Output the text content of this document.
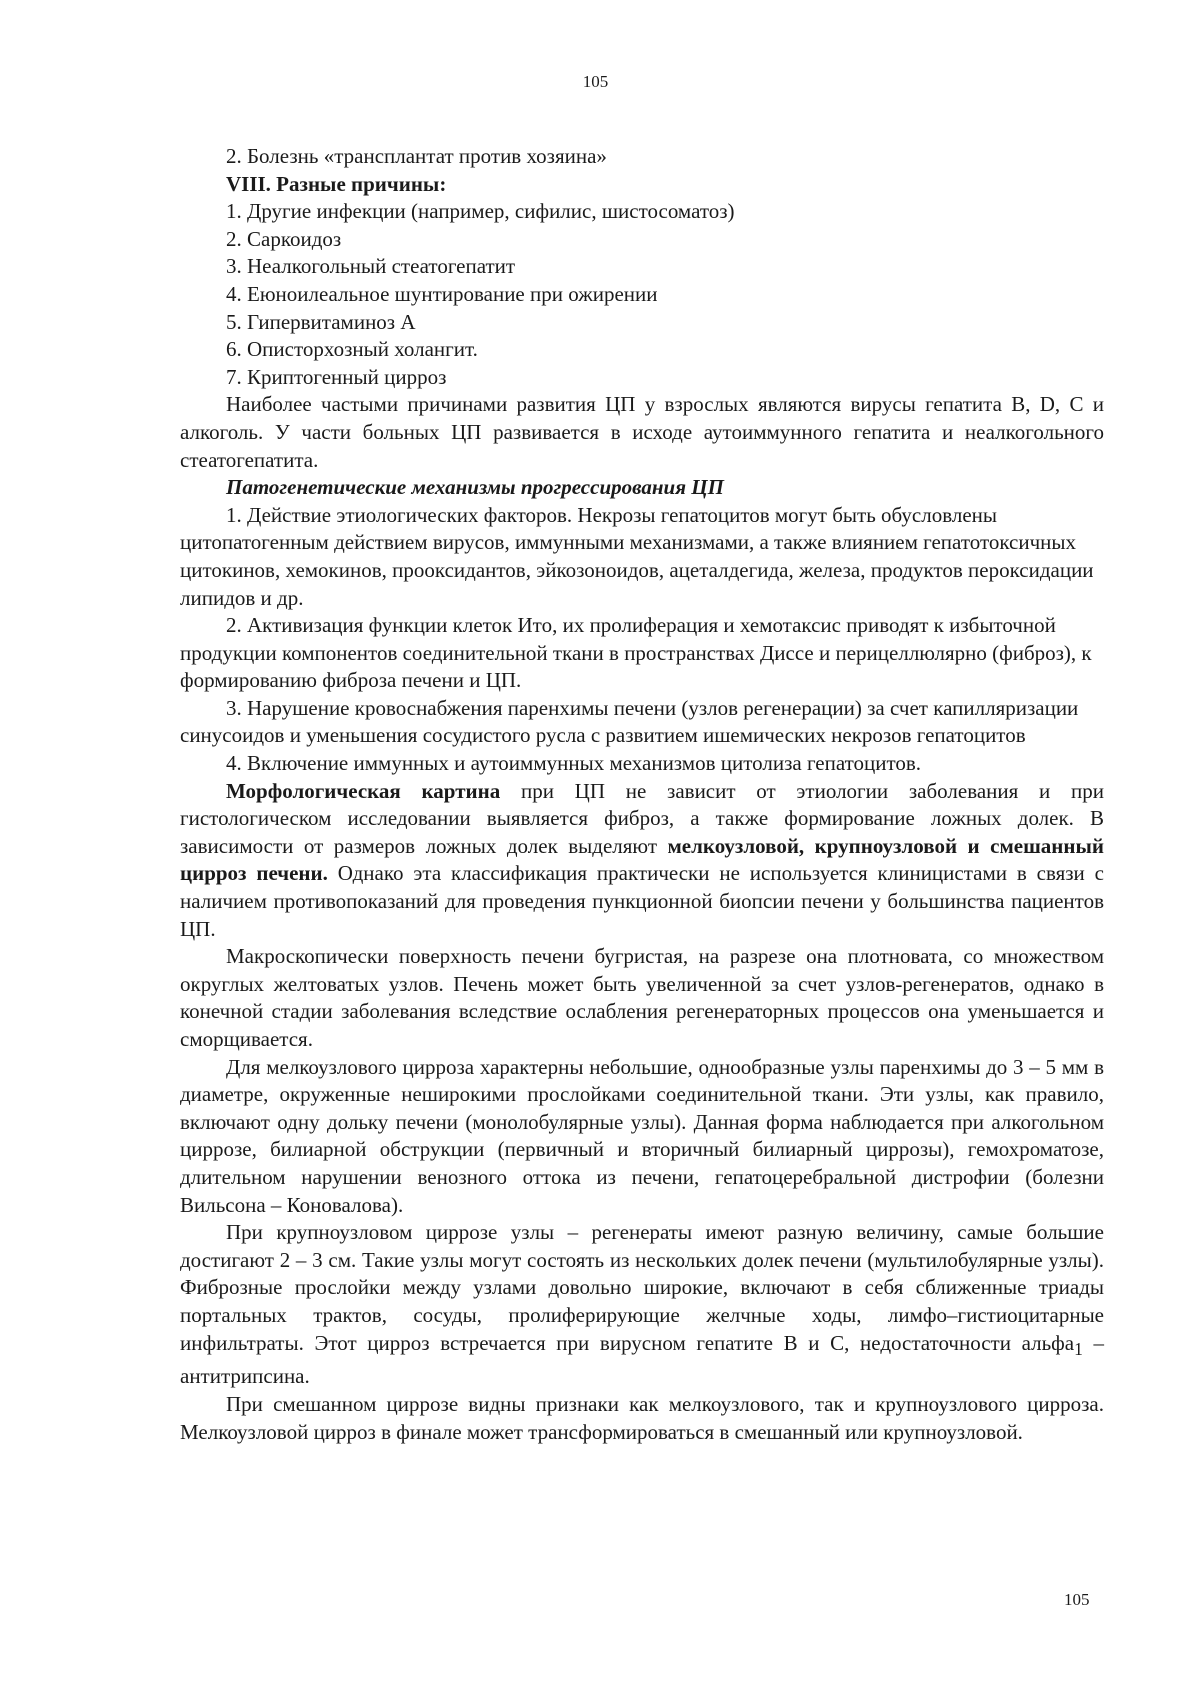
105

2. Болезнь «трансплантат против хозяина»

VIII. Разные причины:

1. Другие инфекции (например, сифилис, шистосоматоз)

2. Саркоидоз

3. Неалкогольный стеатогепатит

4. Еюноилеальное шунтирование при ожирении

5. Гипервитаминоз А

6. Описторхозный холангит.

7. Криптогенный цирроз

Наиболее частыми причинами развития ЦП у взрослых являются вирусы гепатита В, D, С и алкоголь. У части больных ЦП развивается в исходе аутоиммунного гепатита и неалкогольного стеатогепатита.

Патогенетические механизмы прогрессирования ЦП

1. Действие этиологических факторов. Некрозы гепатоцитов могут быть обусловлены цитопатогенным действием вирусов, иммунными механизмами, а также влиянием гепатотоксичных цитокинов, хемокинов, прооксидантов, эйкозоноидов, ацеталдегида, железа, продуктов пероксидации липидов и др.

2. Активизация функции клеток Ито, их пролиферация и хемотаксис приводят к избыточной продукции компонентов соединительной ткани в пространствах Диссе и перицеллюлярно (фиброз), к формированию фиброза печени и ЦП.

3. Нарушение кровоснабжения паренхимы печени (узлов регенерации) за счет капилляризации синусоидов и уменьшения сосудистого русла с развитием ишемических некрозов гепатоцитов

4. Включение иммунных и аутоиммунных механизмов цитолиза гепатоцитов.

Морфологическая картина при ЦП не зависит от этиологии заболевания и при гистологическом исследовании выявляется фиброз, а также формирование ложных долек. В зависимости от размеров ложных долек выделяют мелкоузловой, крупноузловой и смешанный цирроз печени. Однако эта классификация практически не используется клиницистами в связи с наличием противопоказаний для проведения пункционной биопсии печени у большинства пациентов ЦП.

Макроскопически поверхность печени бугристая, на разрезе она плотновата, со множеством округлых желтоватых узлов. Печень может быть увеличенной за счет узлов-регенератов, однако в конечной стадии заболевания вследствие ослабления регенераторных процессов она уменьшается и сморщивается.

Для мелкоузлового цирроза характерны небольшие, однообразные узлы паренхимы до 3 – 5 мм в диаметре, окруженные неширокими прослойками соединительной ткани. Эти узлы, как правило, включают одну дольку печени (монолобулярные узлы). Данная форма наблюдается при алкогольном циррозе, билиарной обструкции (первичный и вторичный билиарный циррозы), гемохроматозе, длительном нарушении венозного оттока из печени, гепатоцеребральной дистрофии (болезни Вильсона – Коновалова).

При крупноузловом циррозе узлы – регенераты имеют разную величину, самые большие достигают 2 – 3 см. Такие узлы могут состоять из нескольких долек печени (мультилобулярные узлы). Фиброзные прослойки между узлами довольно широкие, включают в себя сближенные триады портальных трактов, сосуды, пролиферирующие желчные ходы, лимфо–гистиоцитарные инфильтраты. Этот цирроз встречается при вирусном гепатите В и С, недостаточности альфа$_1$ – антитрипсина.

При смешанном циррозе видны признаки как мелкоузлового, так и крупноузлового цирроза. Мелкоузловой цирроз в финале может трансформироваться в смешанный или крупноузловой.

105
